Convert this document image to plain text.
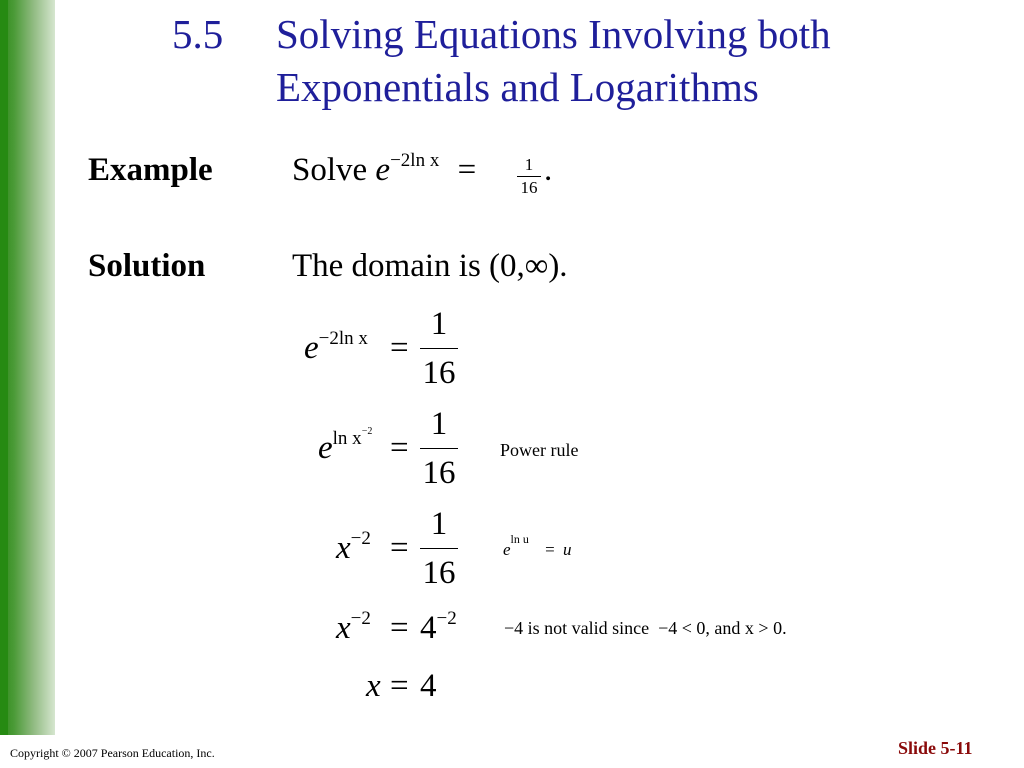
5.5 Solving Equations Involving both
Exponentials and Logarithms
Example Solve $e^{-2ln x}$ =	1
16 .
Solution	The domain is (0,∞).
$e^{-2ln x}$ =
1
16
$e^{ln x-2}$ =
1
16
Power rule
$x^{-2}$ =
1
16
$e^{ln u} = u$
$x^{-2} = 4^{-2}$	−4 is not valid since  −4 < 0, and x > 0.
x = 4
Copyright © 2007 Pearson Education, Inc.	Slide 5-11
